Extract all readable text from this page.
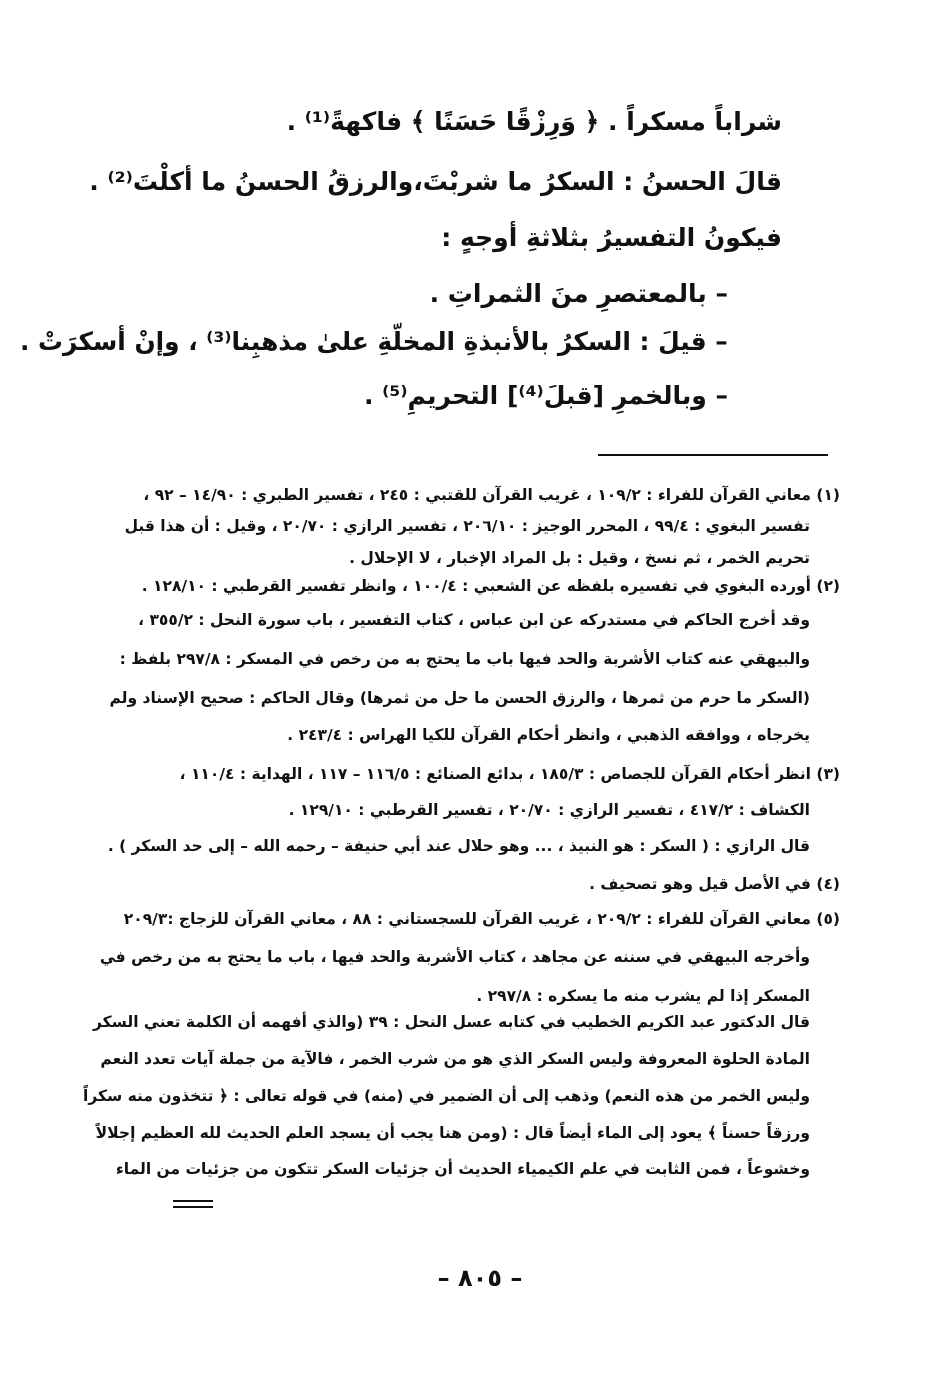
شراباً مسكراً . ﴿ وَرِزْقًا حَسَنًا ﴾ فاكهةً⁽¹⁾ .
قالَ الحسنُ : السكرُ ما شربْتَ،والرزقُ الحسنُ ما أكلْتَ⁽²⁾ .
فيكونُ التفسيرُ بثلاثةِ أوجهٍ :
– بالمعتصرِ منَ الثمراتِ .
– قيلَ : السكرُ بالأنبذةِ المخلّةِ علىٰ مذهبِنا⁽³⁾ ، وإنْ أسكرَتْ .
– وبالخمرِ [قبلَ⁽⁴⁾] التحريمِ⁽⁵⁾ .
(١) معاني القرآن للفراء : ١٠٩/٢ ، غريب القرآن للقتبي : ٢٤٥ ، تفسير الطبري : ١٤/٩٠ – ٩٢ ،
تفسير البغوي : ٩٩/٤ ، المحرر الوجيز : ٢٠٦/١٠ ، تفسير الرازي : ٢٠/٧٠ ، وقيل : أن هذا قبل
تحريم الخمر ، ثم نسخ ، وقيل : بل المراد الإخبار ، لا الإحلال .
(٢) أورده البغوي في تفسيره بلفظه عن الشعبي : ١٠٠/٤ ، وانظر تفسير القرطبي : ١٢٨/١٠ .
وقد أخرج الحاكم في مستدركه عن ابن عباس ، كتاب التفسير ، باب سورة النحل : ٣٥٥/٢ ،
والبيهقي عنه كتاب الأشربة والحد فيها باب ما يحتج به من رخص في المسكر : ٢٩٧/٨ بلفظ :
(السكر ما حرم من ثمرها ، والرزق الحسن ما حل من ثمرها) وقال الحاكم : صحيح الإسناد ولم
يخرجاه ، ووافقه الذهبي ، وانظر أحكام القرآن للكيا الهراس : ٢٤٣/٤ .
(٣) انظر أحكام القرآن للجصاص : ١٨٥/٣ ، بدائع الصنائع : ١١٦/٥ – ١١٧ ، الهداية : ١١٠/٤ ،
الكشاف : ٤١٧/٢ ، تفسير الرازي : ٢٠/٧٠ ، تفسير القرطبي : ١٢٩/١٠ .
قال الرازي : ( السكر : هو النبيذ ، ... وهو حلال عند أبي حنيفة – رحمه الله – إلى حد السكر ) .
(٤) في الأصل قيل وهو تصحيف .
(٥) معاني القرآن للفراء : ٢٠٩/٢ ، غريب القرآن للسجستاني : ٨٨ ، معاني القرآن للزجاج :٢٠٩/٣
وأخرجه البيهقي في سننه عن مجاهد ، كتاب الأشربة والحد فيها ، باب ما يحتج به من رخص في
المسكر إذا لم يشرب منه ما يسكره : ٢٩٧/٨ .
قال الدكتور عبد الكريم الخطيب في كتابه عسل النحل : ٣٩ (والذي أفهمه أن الكلمة تعني السكر
المادة الحلوة المعروفة وليس السكر الذي هو من شرب الخمر ، فالآية من جملة آيات تعدد النعم
وليس الخمر من هذه النعم) وذهب إلى أن الضمير في (منه) في قوله تعالى : ﴿ تتخذون منه سكراً
ورزقاً حسناً ﴾ يعود إلى الماء أيضاً قال : (ومن هنا يجب أن يسجد العلم الحديث لله العظيم إجلالاً
وخشوعاً ، فمن الثابت في علم الكيمياء الحديث أن جزئيات السكر تتكون من جزئيات من الماء
– ٨٠٥ –
